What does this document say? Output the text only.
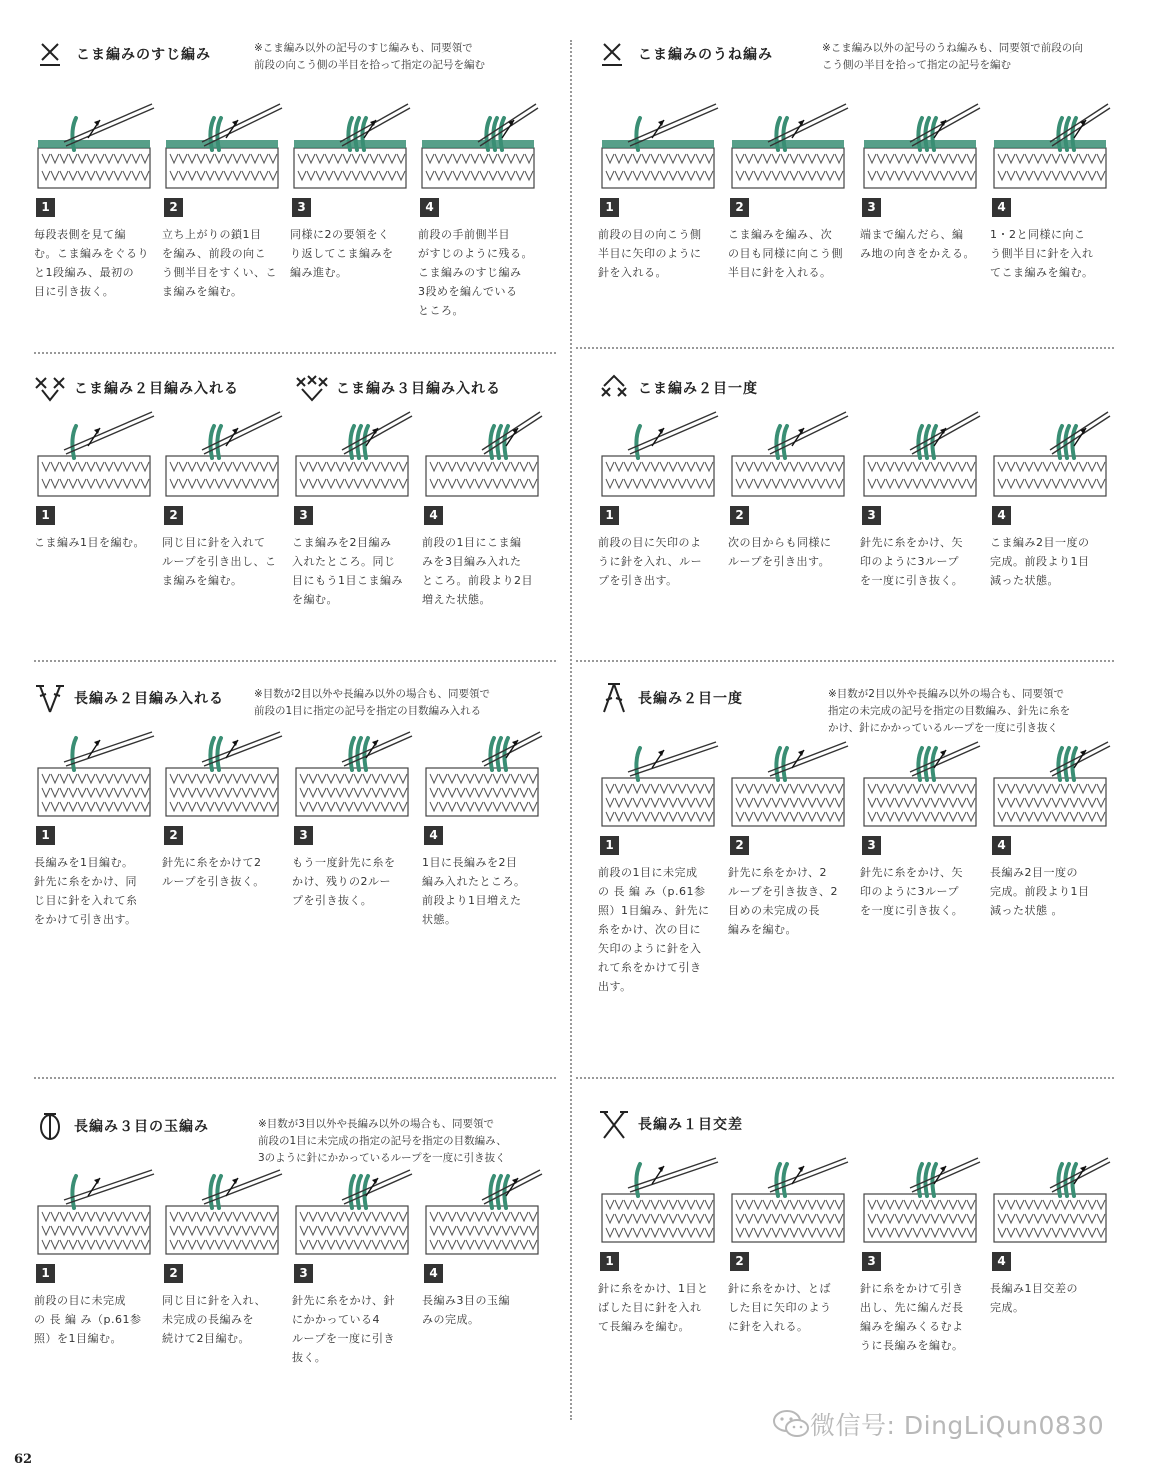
こま編みのすじ編み	※こま編み以外の記号のすじ編みも、同要領で
前段の向こう側の半目を拾って指定の記号を編む
こま編みのうね編み	※こま編み以外の記号のうね編みも、同要領で前段の向
こう側の半目を拾って指定の記号を編む
こま編み２目編み入れる	こま編み３目編み入れる	こま編み２目一度
長編み２目編み入れる	※目数が2目以外や長編み以外の場合も、同要領で
前段の1目に指定の記号を指定の目数編み入れる
長編み２目一度	※目数が2目以外や長編み以外の場合も、同要領で
指定の未完成の記号を指定の目数編み、針先に糸を
かけ、針にかかっているループを一度に引き抜く
長編み３目の玉編み	※目数が3目以外や長編み以外の場合も、同要領で
前段の1目に未完成の指定の記号を指定の目数編み、
3のように針にかかっているループを一度に引き抜く
長編み１目交差
1
毎段表側を見て編
む。こま編みをぐるり
と1段編み、最初の
目に引き抜く。
2
立ち上がりの鎖1目
を編み、前段の向こ
う側半目をすくい、こ
ま編みを編む。
3
同様に2の要領をく
り返してこま編みを
編み進む。
4
前段の手前側半目
がすじのように残る。
こま編みのすじ編み
3段めを編んでいる
ところ。
1
前段の目の向こう側
半目に矢印のように
針を入れる。
2
こま編みを編み、次
の目も同様に向こう側
半目に針を入れる。
3
端まで編んだら、編
み地の向きをかえる。
4
1・2と同様に向こ
う側半目に針を入れ
てこま編みを編む。
1
こま編み1目を編む。
2
同じ目に針を入れて
ループを引き出し、こ
ま編みを編む。
3
こま編みを2目編み
入れたところ。同じ
目にもう1目こま編み
を編む。
4
前段の1目にこま編
みを3目編み入れた
ところ。前段より2目
増えた状態。
1
前段の目に矢印のよ
うに針を入れ、ルー
プを引き出す。
2
次の目からも同様に
ループを引き出す。
3
針先に糸をかけ、矢
印のように3ループ
を一度に引き抜く。
4
こま編み2目一度の
完成。前段より1目
減った状態。
1
長編みを1目編む。
針先に糸をかけ、同
じ目に針を入れて糸
をかけて引き出す。
2
針先に糸をかけて2
ループを引き抜く。
3
もう一度針先に糸を
かけ、残りの2ルー
プを引き抜く。
4
1目に長編みを2目
編み入れたところ。
前段より1目増えた
状態。
1
前段の1目に未完成
の 長 編 み（p.61参
照）1目編み、針先に
糸をかけ、次の目に
矢印のように針を入
れて糸をかけて引き
出す。
2
針先に糸をかけ、2
ループを引き抜き、2
目めの未完成の長
編みを編む。
3
針先に糸をかけ、矢
印のように3ループ
を一度に引き抜く。
4
長編み2目一度の
完成。前段より1目
減った状態 。
1
前段の目に未完成
の 長 編 み（p.61参
照）を1目編む。
2
同じ目に針を入れ、
未完成の長編みを
続けて2目編む。
3
針先に糸をかけ、針
にかかっている4
ループを一度に引き
抜く。
4
長編み3目の玉編
みの完成。
1
針に糸をかけ、1目と
ばした目に針を入れ
て長編みを編む。
2
針に糸をかけ、とば
した目に矢印のよう
に針を入れる。
3
針に糸をかけて引き
出し、先に編んだ長
編みを編みくるむよ
うに長編みを編む。
4
長編み1目交差の
完成。
62
微信号: DingLiQun0830
